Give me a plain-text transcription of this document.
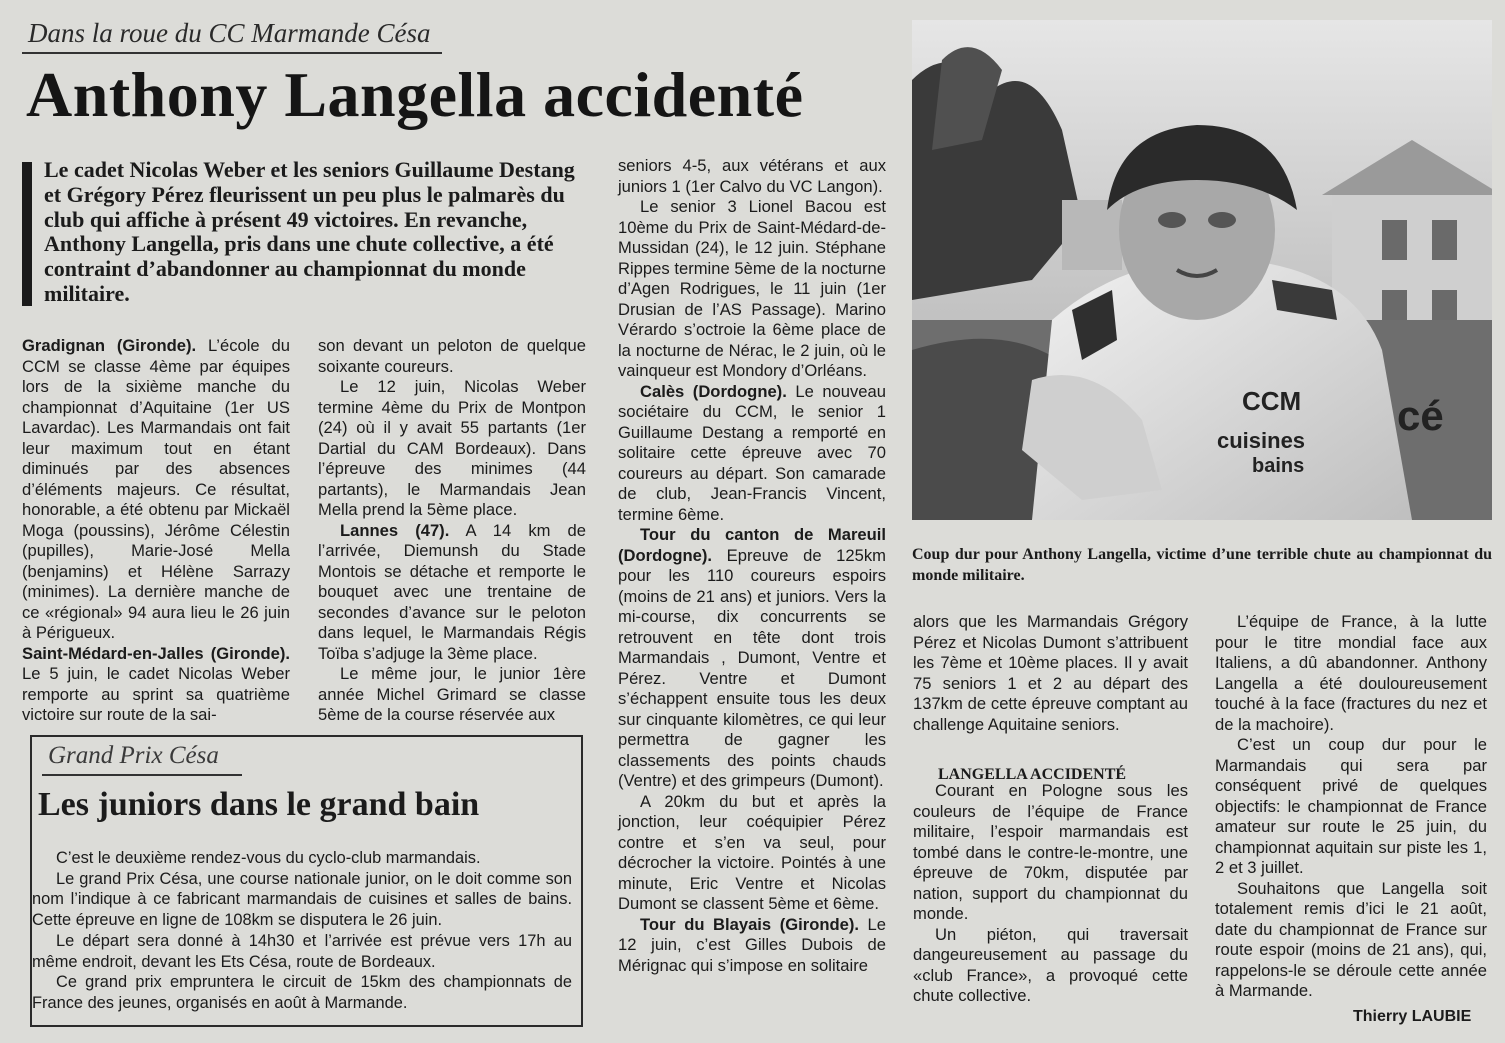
Dans la roue du CC Marmande Césa
Anthony Langella accidenté
Le cadet Nicolas Weber et les seniors Guillaume Destang et Grégory Pérez fleurissent un peu plus le palmarès du club qui affiche à présent 49 victoires. En revanche, Anthony Langella, pris dans une chute collective, a été contraint d’abandonner au championnat du monde militaire.

Gradignan (Gironde). L’école du CCM se classe 4ème par équipes lors de la sixième manche du championnat d’Aquitaine (1er US Lavardac). Les Marmandais ont fait leur maximum tout en étant diminués par des absences d’éléments majeurs. Ce résultat, honorable, a été obtenu par Mickaël Moga (poussins), Jérôme Célestin (pupilles), Marie-José Mella (benjamins) et Hélène Sarrazy (minimes). La dernière manche de ce «régional» 94 aura lieu le 26 juin à Périgueux.

Saint-Médard-en-Jalles (Gironde). Le 5 juin, le cadet Nicolas Weber remporte au sprint sa quatrième victoire sur route de la sai-

son devant un peloton de quelque soixante coureurs.

Le 12 juin, Nicolas Weber termine 4ème du Prix de Montpon (24) où il y avait 55 partants (1er Dartial du CAM Bordeaux). Dans l’épreuve des minimes (44 partants), le Marmandais Jean Mella prend la 5ème place.

Lannes (47). A 14 km de l’arrivée, Diemunsh du Stade Montois se détache et remporte le bouquet avec une trentaine de secondes d’avance sur le peloton dans lequel, le Marmandais Régis Toïba s’adjuge la 3ème place.

Le même jour, le junior 1ère année Michel Grimard se classe 5ème de la course réservée aux

seniors 4-5, aux vétérans et aux juniors 1 (1er Calvo du VC Langon).

Le senior 3 Lionel Bacou est 10ème du Prix de Saint-Médard-de-Mussidan (24), le 12 juin. Stéphane Rippes termine 5ème de la nocturne d’Agen Rodrigues, le 11 juin (1er Drusian de l’AS Passage). Marino Vérardo s’octroie la 6ème place de la nocturne de Nérac, le 2 juin, où le vainqueur est Mondory d’Orléans.

Calès (Dordogne). Le nouveau sociétaire du CCM, le senior 1 Guillaume Destang a remporté en solitaire cette épreuve avec 70 coureurs au départ. Son camarade de club, Jean-Francis Vincent, termine 6ème.

Tour du canton de Mareuil (Dordogne). Epreuve de 125km pour les 110 coureurs espoirs (moins de 21 ans) et juniors. Vers la mi-course, dix concurrents se retrouvent en tête dont trois Marmandais , Dumont, Ventre et Pérez. Ventre et Dumont s’échappent ensuite tous les deux sur cinquante kilomètres, ce qui leur permettra de gagner les classements des points chauds (Ventre) et des grimpeurs (Dumont).

A 20km du but et après la jonction, leur coéquipier Pérez contre et s’en va seul, pour décrocher la victoire. Pointés à une minute, Eric Ventre et Nicolas Dumont se classent 5ème et 6ème.

Tour du Blayais (Gironde). Le 12 juin, c’est Gilles Dubois de Mérignac qui s’impose en solitaire

CCM
cuisines
bains
cé
Coup dur pour Anthony Langella, victime d’une terrible chute au championnat du monde militaire.

alors que les Marmandais Grégory Pérez et Nicolas Dumont s’attribuent les 7ème et 10ème places. Il y avait 75 seniors 1 et 2 au départ des 137km de cette épreuve comptant au challenge Aquitaine seniors.

Courant en Pologne sous les couleurs de l’équipe de France militaire, l’espoir marmandais est tombé dans le contre-le-montre, une épreuve de 70km, disputée par nation, support du championnat du monde.

Un piéton, qui traversait dangeureusement au passage du «club France», a provoqué cette chute collective.

LANGELLA ACCIDENTÉ

L’équipe de France, à la lutte pour le titre mondial face aux Italiens, a dû abandonner. Anthony Langella a été douloureusement touché à la face (fractures du nez et de la machoire).

C’est un coup dur pour le Marmandais qui sera par conséquent privé de quelques objectifs: le championnat de France amateur sur route le 25 juin, du championnat aquitain sur piste les 1, 2 et 3 juillet.

Souhaitons que Langella soit totalement remis d’ici le 21 août, date du championnat de France sur route espoir (moins de 21 ans), qui, rappelons-le se déroule cette année à Marmande.

Thierry LAUBIE
Grand Prix Césa
Les juniors dans le grand bain

C’est le deuxième rendez-vous du cyclo-club marmandais.

Le grand Prix Césa, une course nationale junior, on le doit comme son nom l’indique à ce fabricant marmandais de cuisines et salles de bains. Cette épreuve en ligne de 108km se disputera le 26 juin.

Le départ sera donné à 14h30 et l’arrivée est prévue vers 17h au même endroit, devant les Ets Césa, route de Bordeaux.

Ce grand prix empruntera le circuit de 15km des championnats de France des jeunes, organisés en août à Marmande.
